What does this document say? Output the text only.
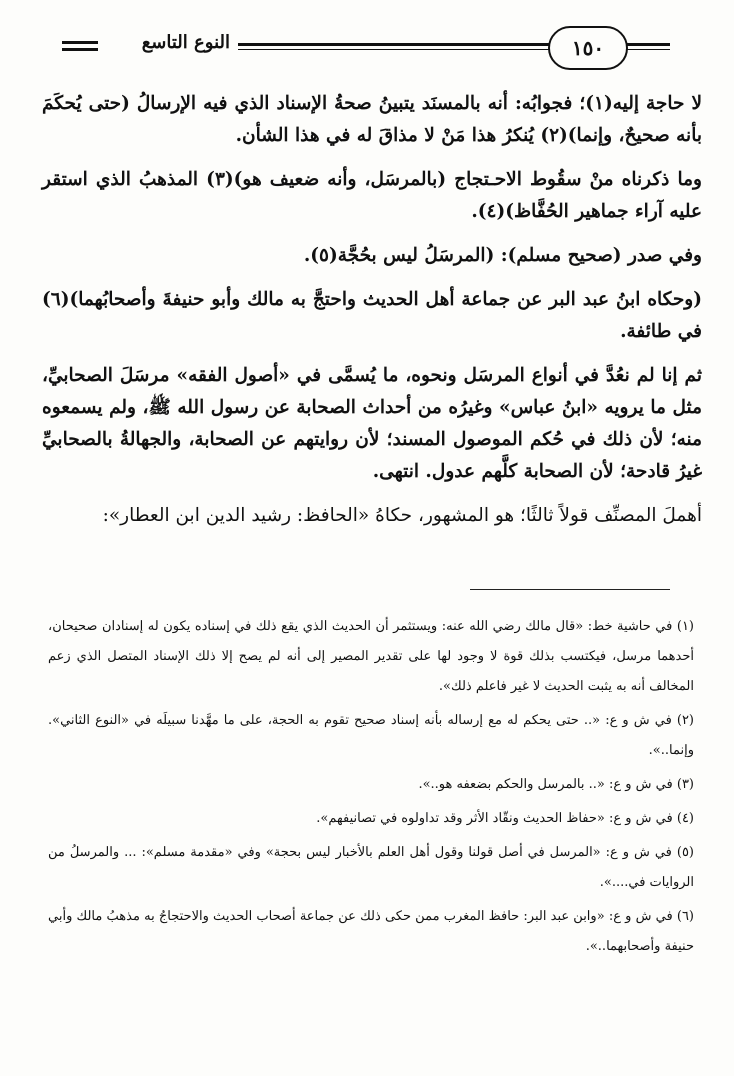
النوع التاسع	١٥٠

لا حاجة إليه(١)؛ فجوابُه: أنه بالمسنَد يتبينُ صحةُ الإسناد الذي فيه الإرسالُ (حتى يُحكَمَ بأنه صحيحٌ، وإنما)(٢) يُنكرُ هذا مَنْ لا مذاقَ له في هذا الشأن.

وما ذكرناه منْ سقُوط الاحـتجاج (بالمرسَل، وأنه ضعيف هو)(٣) المذهبُ الذي استقر عليه آراء جماهير الحُفَّاظ)(٤).

وفي صدر (صحيح مسلم): (المرسَلُ ليس بحُجَّة(٥).

(وحكاه ابنُ عبد البر عن جماعة أهل الحديث واحتجَّ به مالك وأبو حنيفةَ وأصحابُهما)(٦) في طائفة.

ثم إنا لم نعُدَّ في أنواع المرسَل ونحوه، ما يُسمَّى في «أصول الفقه» مرسَلَ الصحابيِّ، مثل ما يرويه «ابنُ عباس» وغيرُه من أحداث الصحابة عن رسول الله ﷺ، ولم يسمعوه منه؛ لأن ذلك في حُكم الموصول المسند؛ لأن روايتهم عن الصحابة، والجهالةُ بالصحابيِّ غيرُ قادحة؛ لأن الصحابة كلَّهم عدول. انتهى.

أهملَ المصنِّف قولاً ثالثًا؛ هو المشهور، حكاهُ «الحافظ: رشيد الدين ابن العطار»:

(١) في حاشية خط: «قال مالك رضي الله عنه: ويستثمر أن الحديث الذي يقع ذلك في إسناده يكون له إسنادان صحيحان، أحدهما مرسل، فيكتسب بذلك قوة لا وجود لها على تقدير المصير إلى أنه لم يصح إلا ذلك الإسناد المتصل الذي زعم المخالف أنه به يثبت الحديث لا غير فاعلم ذلك».

(٢) في ش و ع: «.. حتى يحكم له مع إرساله بأنه إسناد صحيح تقوم به الحجة، على ما مهَّدنا سبيلَه في «النوع الثاني». وإنما..».

(٣) في ش و ع: «.. بالمرسل والحكم بضعفه هو..».

(٤) في ش و ع: «حفاظ الحديث ونقّاد الأثر وقد تداولوه في تصانيفهم».

(٥) في ش و ع: «المرسل في أصل قولنا وقول أهل العلم بالأخبار ليس بحجة» وفي «مقدمة مسلم»: ... والمرسلُ من الروايات في....».

(٦) في ش و ع: «وابن عبد البر: حافظ المغرب ممن حكى ذلك عن جماعة أصحاب الحديث والاحتجاجُ به مذهبُ مالك وأبي حنيفة وأصحابهما..».
